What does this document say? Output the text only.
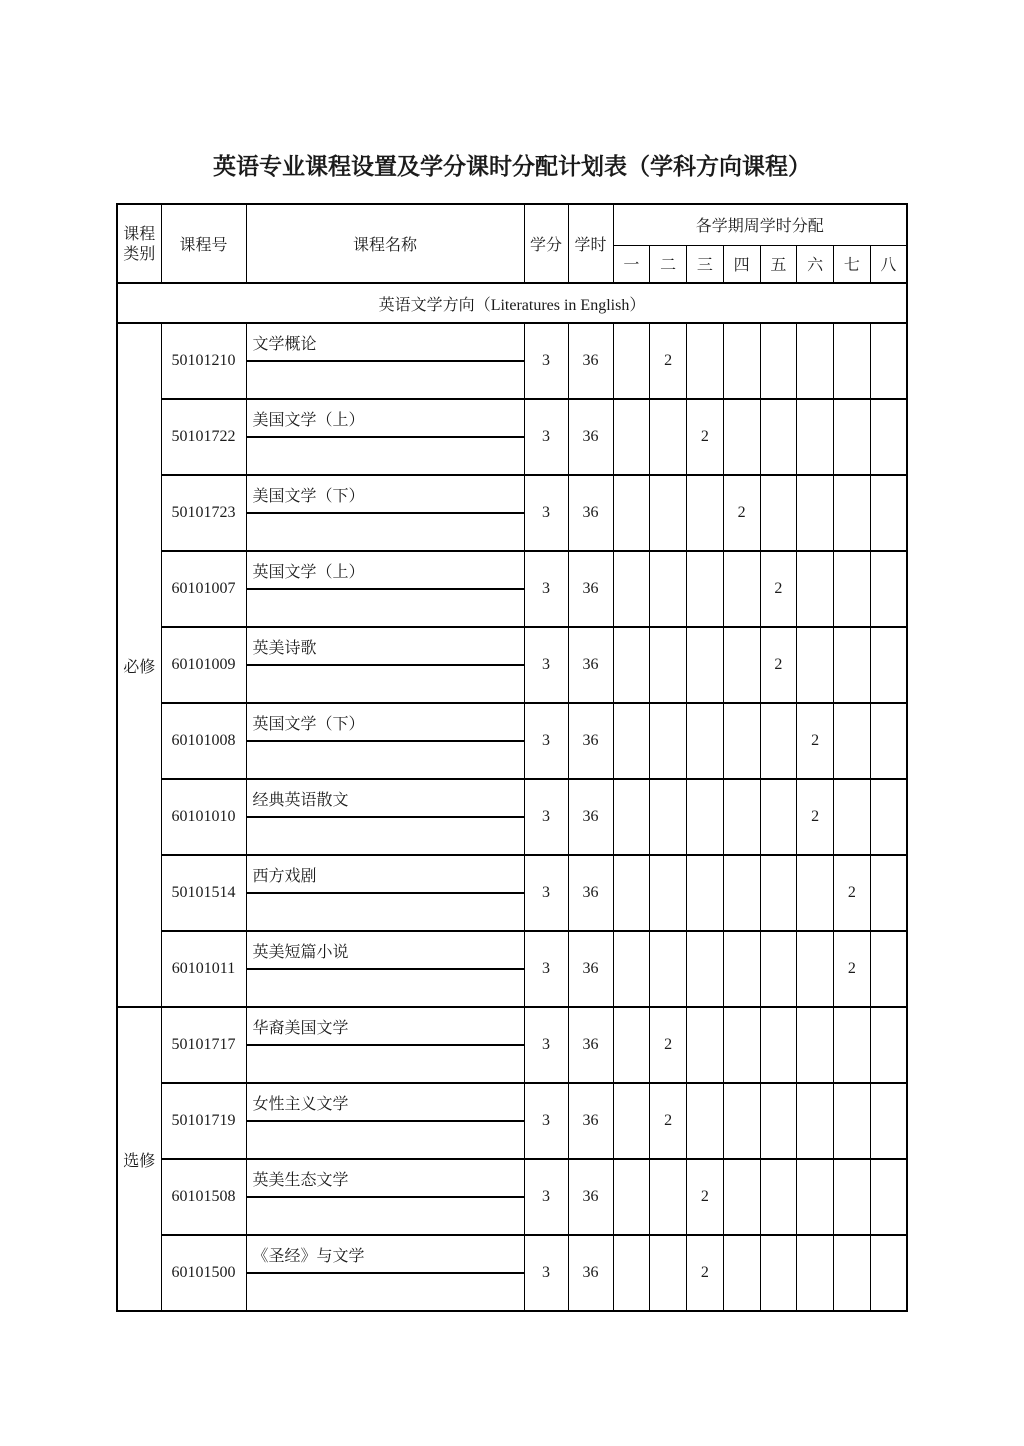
英语专业课程设置及学分课时分配计划表（学科方向课程）
课程类别	课程号	课程名称	学分	学时	各学期周学时分配							
					一	二	三	四	五	六	七	八
英语文学方向（Literatures in English）												
必修	50101210	文学概论	3	36		2						

	50101722	美国文学（上）	3	36			2					

	50101723	美国文学（下）	3	36				2				

	60101007	英国文学（上）	3	36					2			

	60101009	英美诗歌	3	36					2			

	60101008	英国文学（下）	3	36						2		

	60101010	经典英语散文	3	36						2		

	50101514	西方戏剧	3	36							2	

	60101011	英美短篇小说	3	36							2	

选修	50101717	华裔美国文学	3	36		2						

	50101719	女性主义文学	3	36		2						

	60101508	英美生态文学	3	36			2					

	60101500	《圣经》与文学	3	36			2					
